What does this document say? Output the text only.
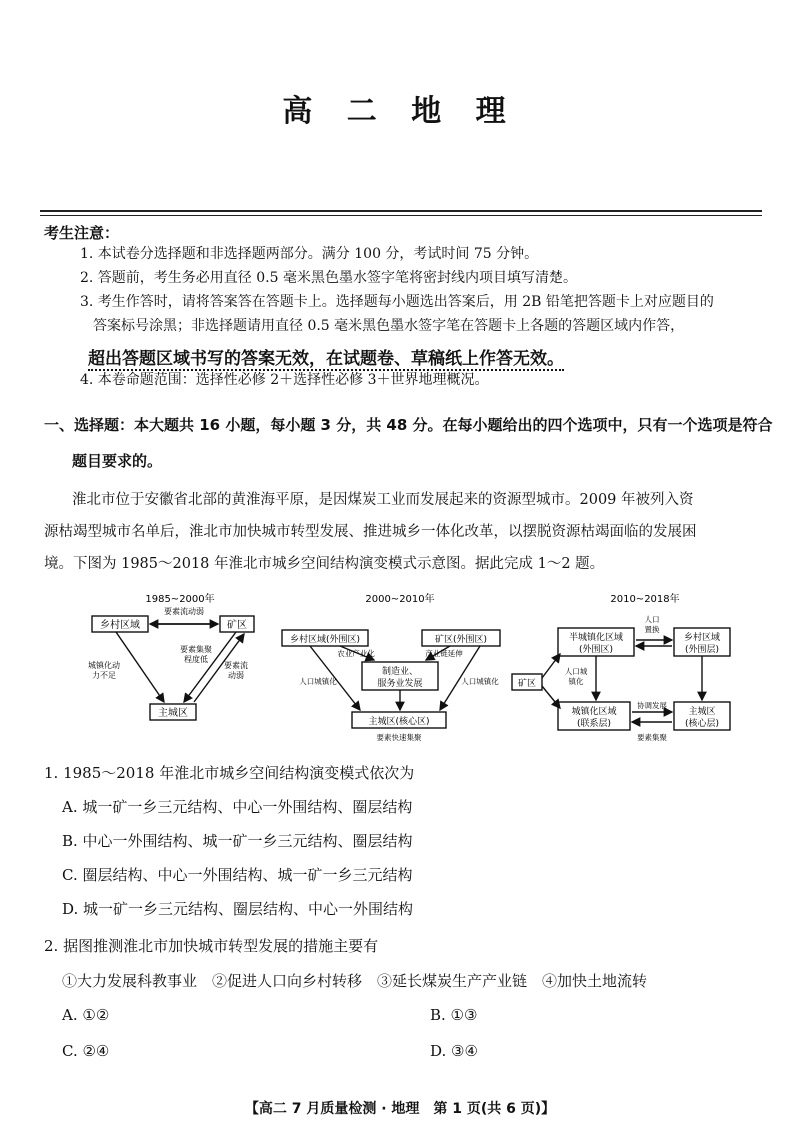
高 二 地 理
考生注意：
1. 本试卷分选择题和非选择题两部分。满分 100 分，考试时间 75 分钟。
2. 答题前，考生务必用直径 0.5 毫米黑色墨水签字笔将密封线内项目填写清楚。
3. 考生作答时，请将答案答在答题卡上。选择题每小题选出答案后，用 2B 铅笔把答题卡上对应题目的
答案标号涂黑；非选择题请用直径 0.5 毫米黑色墨水签字笔在答题卡上各题的答题区域内作答，
超出答题区域书写的答案无效，在试题卷、草稿纸上作答无效。
4. 本卷命题范围：选择性必修 2＋选择性必修 3＋世界地理概况。
一、选择题：本大题共 16 小题，每小题 3 分，共 48 分。在每小题给出的四个选项中，只有一个选项是符合
题目要求的。
淮北市位于安徽省北部的黄淮海平原，是因煤炭工业而发展起来的资源型城市。2009 年被列入资
源枯竭型城市名单后，淮北市加快城市转型发展、推进城乡一体化改革，以摆脱资源枯竭面临的发展困
境。下图为 1985～2018 年淮北市城乡空间结构演变模式示意图。据此完成 1～2 题。
1985~2000年
乡村区域	矿区
主城区
要素流动弱
城镇化动
力不足
要素集聚
程度低
要素流
动弱
2000~2010年
乡村区域(外围区)	矿区(外围区)
制造业、
服务业发展
主城区(核心区)
农业产业化	产业链延伸
人口城镇化	人口城镇化
要素快速集聚
2010~2018年
半城镇化区域
(外围区)
乡村区域
(外围层)
矿区
城镇化区域
(联系层)
主城区
(核心层)
人口
置换
人口城
镇化
协调发展
要素集聚
1. 1985～2018 年淮北市城乡空间结构演变模式依次为
A. 城一矿一乡三元结构、中心一外围结构、圈层结构
B. 中心一外围结构、城一矿一乡三元结构、圈层结构
C. 圈层结构、中心一外围结构、城一矿一乡三元结构
D. 城一矿一乡三元结构、圈层结构、中心一外围结构
2. 据图推测淮北市加快城市转型发展的措施主要有
①大力发展科教事业　②促进人口向乡村转移　③延长煤炭生产产业链　④加快土地流转
A. ①②	B. ①③
C. ②④	D. ③④
【高二 7 月质量检测 · 地理　第 1 页(共 6 页)】
